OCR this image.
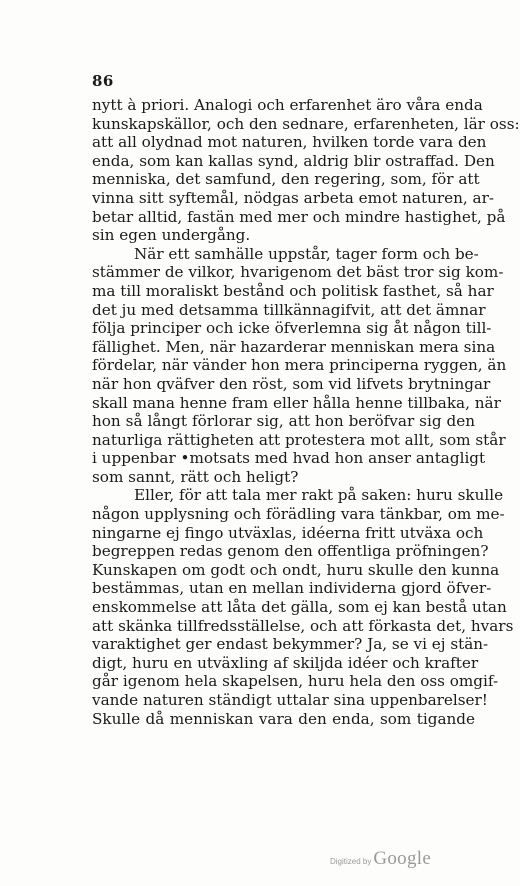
86
nytt à priori. Analogi och erfarenhet äro våra enda
kunskapskällor, och den sednare, erfarenheten, lär oss:
att all olydnad mot naturen, hvilken torde vara den
enda, som kan kallas synd, aldrig blir ostraffad. Den
menniska, det samfund, den regering, som, för att
vinna sitt syftemål, nödgas arbeta emot naturen, ar-
betar alltid, fastän med mer och mindre hastighet, på
sin egen undergång.
När ett samhälle uppstår, tager form och be-
stämmer de vilkor, hvarigenom det bäst tror sig kom-
ma till moraliskt bestånd och politisk fasthet, så har
det ju med detsamma tillkännagifvit, att det ämnar
följa principer och icke öfverlemna sig åt någon till-
fällighet. Men, när hazarderar menniskan mera sina
fördelar, när vänder hon mera principerna ryggen, än
när hon qväfver den röst, som vid lifvets brytningar
skall mana henne fram eller hålla henne tillbaka, när
hon så långt förlorar sig, att hon beröfvar sig den
naturliga rättigheten att protestera mot allt, som står
i uppenbar •motsats med hvad hon anser antagligt
som sannt, rätt och heligt?
Eller, för att tala mer rakt på saken: huru skulle
någon upplysning och förädling vara tänkbar, om me-
ningarne ej fingo utväxlas, idéerna fritt utväxa och
begreppen redas genom den offentliga pröfningen?
Kunskapen om godt och ondt, huru skulle den kunna
bestämmas, utan en mellan individerna gjord öfver-
enskommelse att låta det gälla, som ej kan bestå utan
att skänka tillfredsställelse, och att förkasta det, hvars
varaktighet ger endast bekymmer? Ja, se vi ej stän-
digt, huru en utväxling af skiljda idéer och krafter
går igenom hela skapelsen, huru hela den oss omgif-
vande naturen ständigt uttalar sina uppenbarelser!
Skulle då menniskan vara den enda, som tigande
Digitized by Google
